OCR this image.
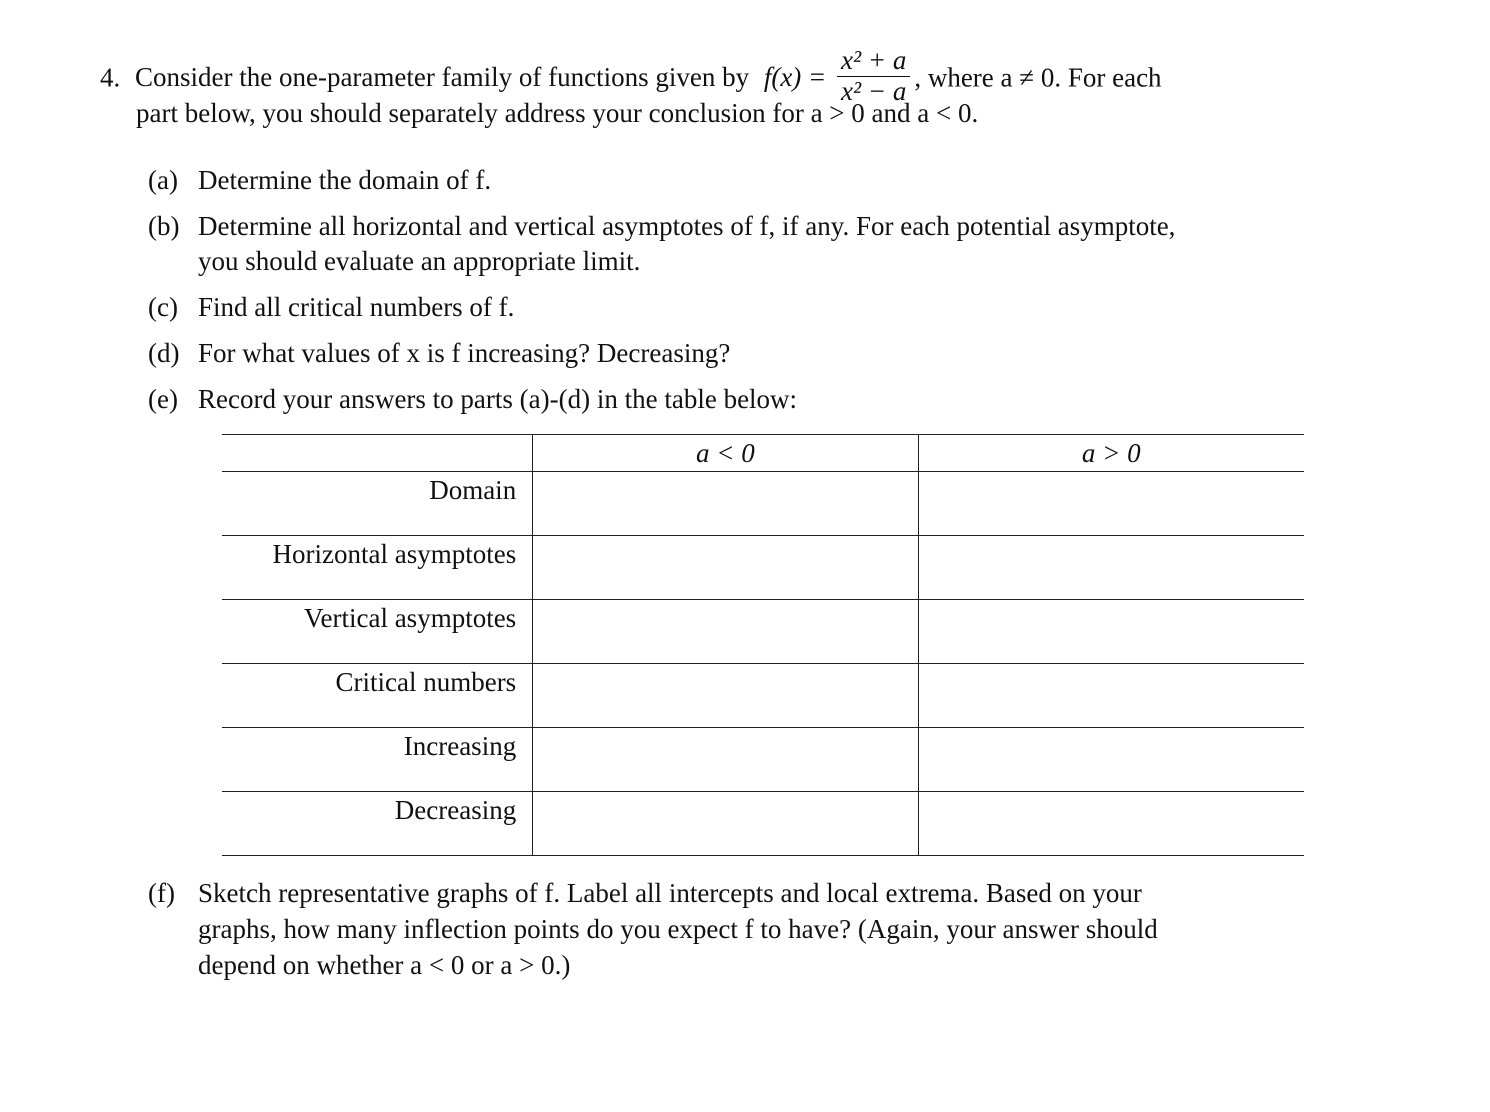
4. Consider the one-parameter family of functions given by $f(x) = \frac{\text{x² + a}}{\text{x² − a}}$ , where a ≠ 0. For each
part below, you should separately address your conclusion for a > 0 and a < 0.
(a) Determine the domain of f.
(b) Determine all horizontal and vertical asymptotes of f, if any. For each potential asymptote,
you should evaluate an appropriate limit.
(c) Find all critical numbers of f.
(d) For what values of x is f increasing? Decreasing?
(e) Record your answers to parts (a)-(d) in the table below:
	a < 0	a > 0
Domain		
Horizontal asymptotes		
Vertical asymptotes		
Critical numbers		
Increasing		
Decreasing		
(f) Sketch representative graphs of f. Label all intercepts and local extrema. Based on your
graphs, how many inflection points do you expect f to have? (Again, your answer should
depend on whether a < 0 or a > 0.)
